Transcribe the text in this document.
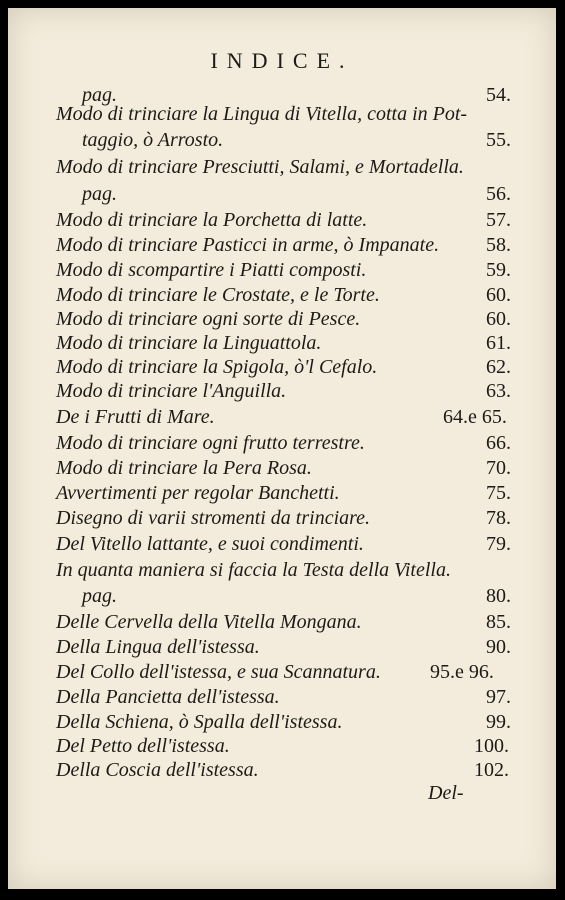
INDICE.
pag.	54.
Modo di trinciare la Lingua di Vitella, cotta in Pot-
taggio, ò Arrosto.	55.
Modo di trinciare Presciutti, Salami, e Mortadella.
pag.	56.
Modo di trinciare la Porchetta di latte.	57.
Modo di trinciare Pasticci in arme, ò Impanate. 58.
Modo di scompartire i Piatti composti.	59.
Modo di trinciare le Crostate, e le Torte.	60.
Modo di trinciare ogni sorte di Pesce.	60.
Modo di trinciare la Linguattola.	61.
Modo di trinciare la Spigola, ò'l Cefalo.	62.
Modo di trinciare l'Anguilla.	63.
De i Frutti di Mare.	64.e 65.
Modo di trinciare ogni frutto terrestre.	66.
Modo di trinciare la Pera Rosa.	70.
Avvertimenti per regolar Banchetti.	75.
Disegno di varii stromenti da trinciare.	78.
Del Vitello lattante, e suoi condimenti.	79.
In quanta maniera si faccia la Testa della Vitella.
pag.	80.
Delle Cervella della Vitella Mongana.	85.
Della Lingua dell'istessa.	90.
Del Collo dell'istessa, e sua Scannatura. 95.e 96.
Della Pancietta dell'istessa.	97.
Della Schiena, ò Spalla dell'istessa.	99.
Del Petto dell'istessa.	100.
Della Coscia dell'istessa.	102.
Del-
